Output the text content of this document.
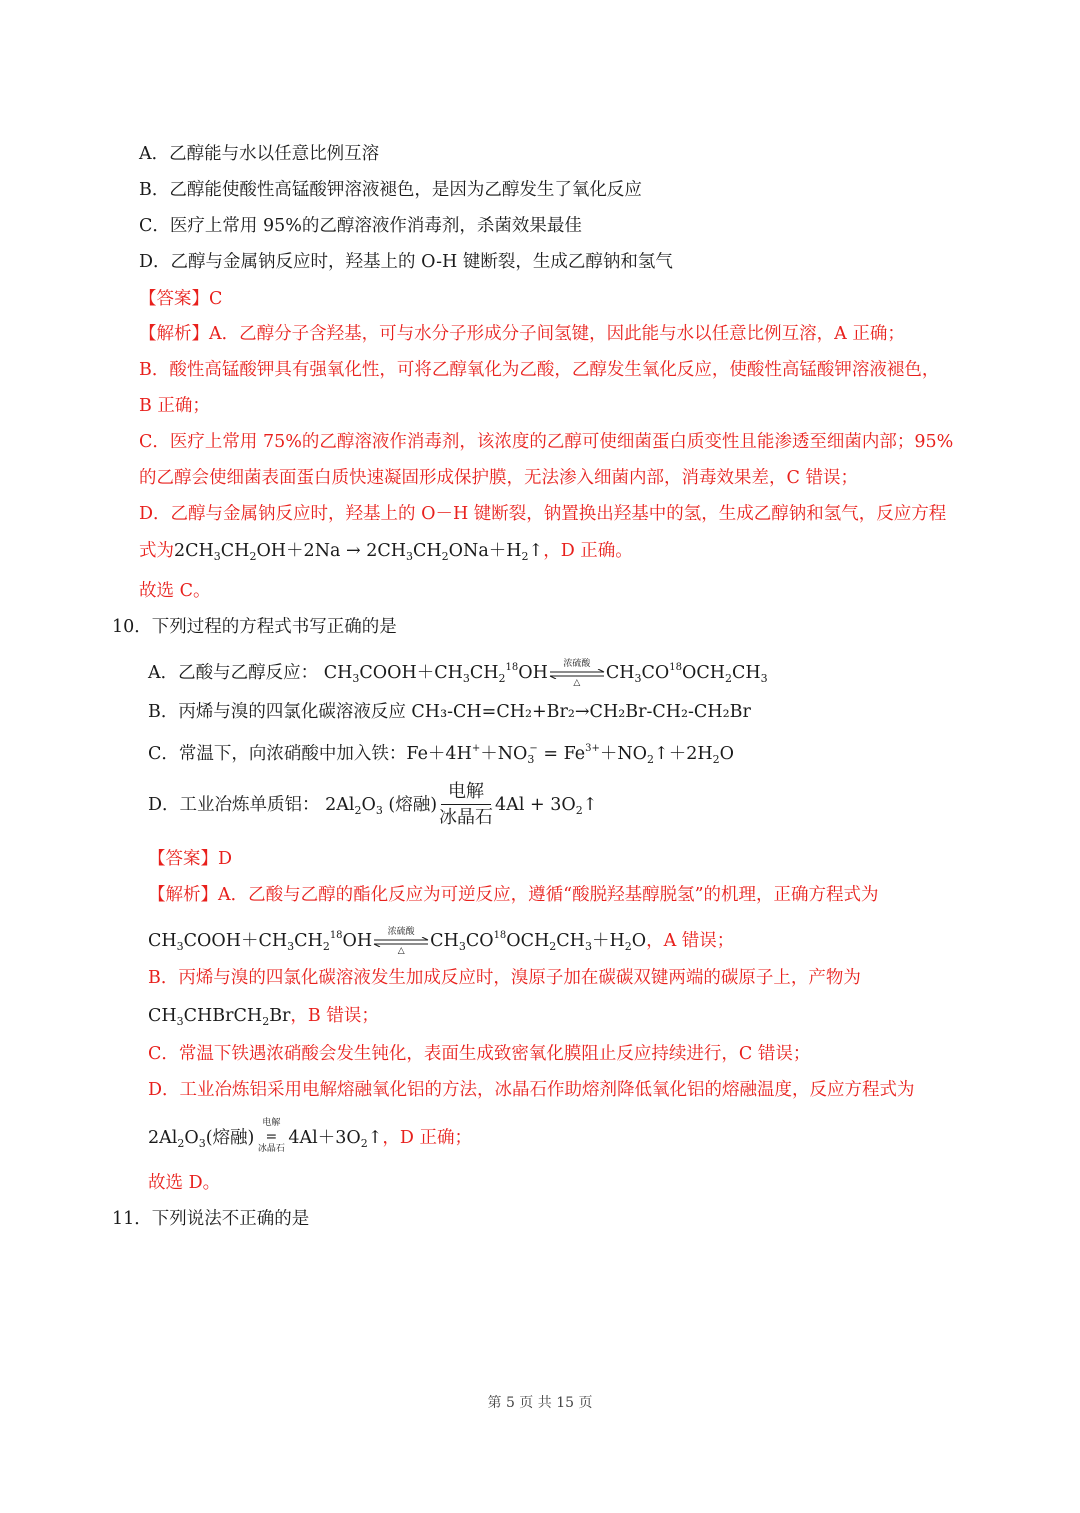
A．乙醇能与水以任意比例互溶
B．乙醇能使酸性高锰酸钾溶液褪色，是因为乙醇发生了氧化反应
C．医疗上常用 95%的乙醇溶液作消毒剂，杀菌效果最佳
D．乙醇与金属钠反应时，羟基上的 O-H 键断裂，生成乙醇钠和氢气
【答案】C
【解析】A．乙醇分子含羟基，可与水分子形成分子间氢键，因此能与水以任意比例互溶，A 正确；
B．酸性高锰酸钾具有强氧化性，可将乙醇氧化为乙酸，乙醇发生氧化反应，使酸性高锰酸钾溶液褪色，
B 正确；
C．医疗上常用 75%的乙醇溶液作消毒剂，该浓度的乙醇可使细菌蛋白质变性且能渗透至细菌内部；95%
的乙醇会使细菌表面蛋白质快速凝固形成保护膜，无法渗入细菌内部，消毒效果差，C 错误；
D．乙醇与金属钠反应时，羟基上的 O－H 键断裂，钠置换出羟基中的氢，生成乙醇钠和氢气，反应方程
式为$2CH_3CH_2OH+2Na$ → $2CH_3CH_2ONa+H_2↑$，D 正确。
故选 C。
10．下列过程的方程式书写正确的是
A．乙酸与乙醇反应： $CH_3COOH+CH_3CH_2^{18}OH$	浓硫酸
△	$CH_3CO^{18}OCH_2CH_3$
B．丙烯与溴的四氯化碳溶液反应 CH₃-CH=CH₂+Br₂→CH₂Br-CH₂-CH₂Br
C．常温下，向浓硝酸中加入铁：$Fe+4H^++NO_3^-$ = $Fe^{3+}+NO_2↑+2H_2O$
D．工业冶炼单质铝： $2Al_2O_3$ (熔融)
电解
冰晶石
$4Al + 3O_2↑$
【答案】D
【解析】A．乙酸与乙醇的酯化反应为可逆反应，遵循“酸脱羟基醇脱氢”的机理，正确方程式为
$CH_3COOH+CH_3CH_2^{18}OH$	浓硫酸
△	$CH_3CO^{18}OCH_2CH_3+H_2O$，A 错误；
B．丙烯与溴的四氯化碳溶液发生加成反应时，溴原子加在碳碳双键两端的碳原子上，产物为
$CH_3CHBrCH_2Br$，B 错误；
C．常温下铁遇浓硝酸会发生钝化，表面生成致密氧化膜阻止反应持续进行，C 错误；
D．工业冶炼铝采用电解熔融氧化铝的方法，冰晶石作助熔剂降低氧化铝的熔融温度，反应方程式为
$2Al_2O_3$(熔融)
电解
=
冰晶石
$4Al+3O_2↑$，D 正确；
故选 D。
11．下列说法不正确的是
第 5 页 共 15 页
